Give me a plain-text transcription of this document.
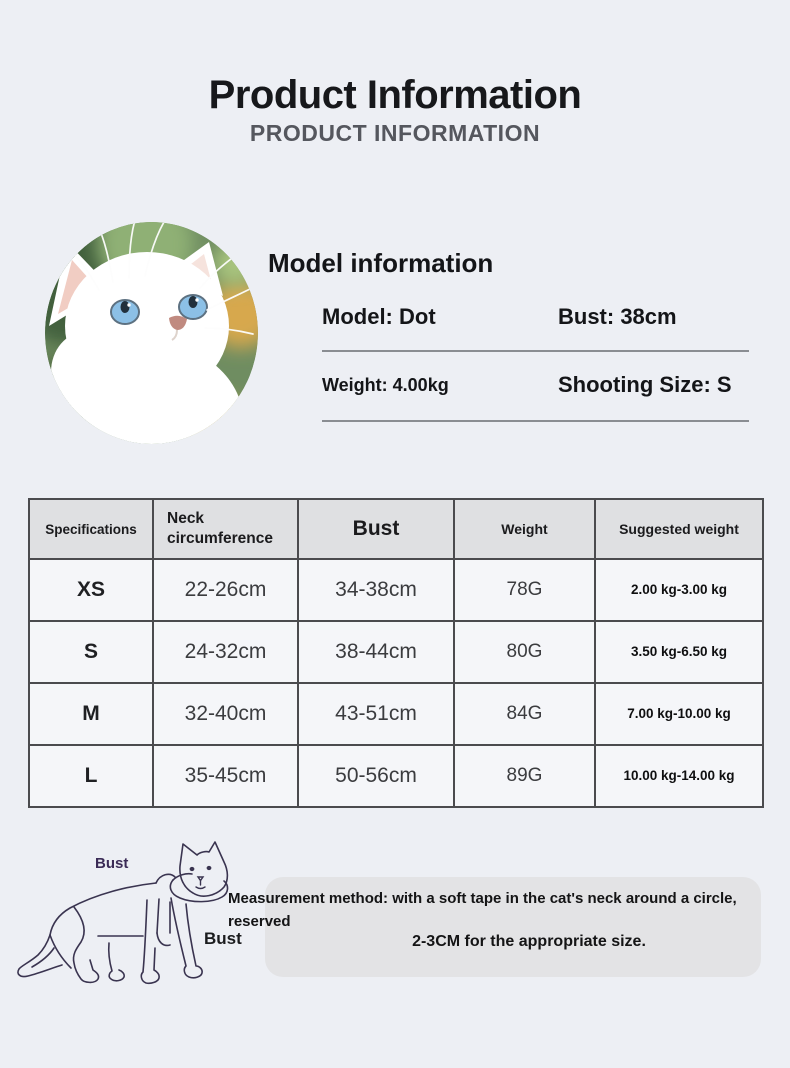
Product Information
PRODUCT INFORMATION
Model information
Model: Dot	Bust: 38cm
Weight: 4.00kg	Shooting Size: S
Specifications	Neck circumference	Bust	Weight	Suggested weight
XS	22-26cm	34-38cm	78G	2.00 kg-3.00 kg
S	24-32cm	38-44cm	80G	3.50 kg-6.50 kg
M	32-40cm	43-51cm	84G	7.00 kg-10.00 kg
L	35-45cm	50-56cm	89G	10.00 kg-14.00 kg
Bust
Bust
Measurement method: with a soft tape in the cat's neck around a circle,
reserved
2-3CM for the appropriate size.
